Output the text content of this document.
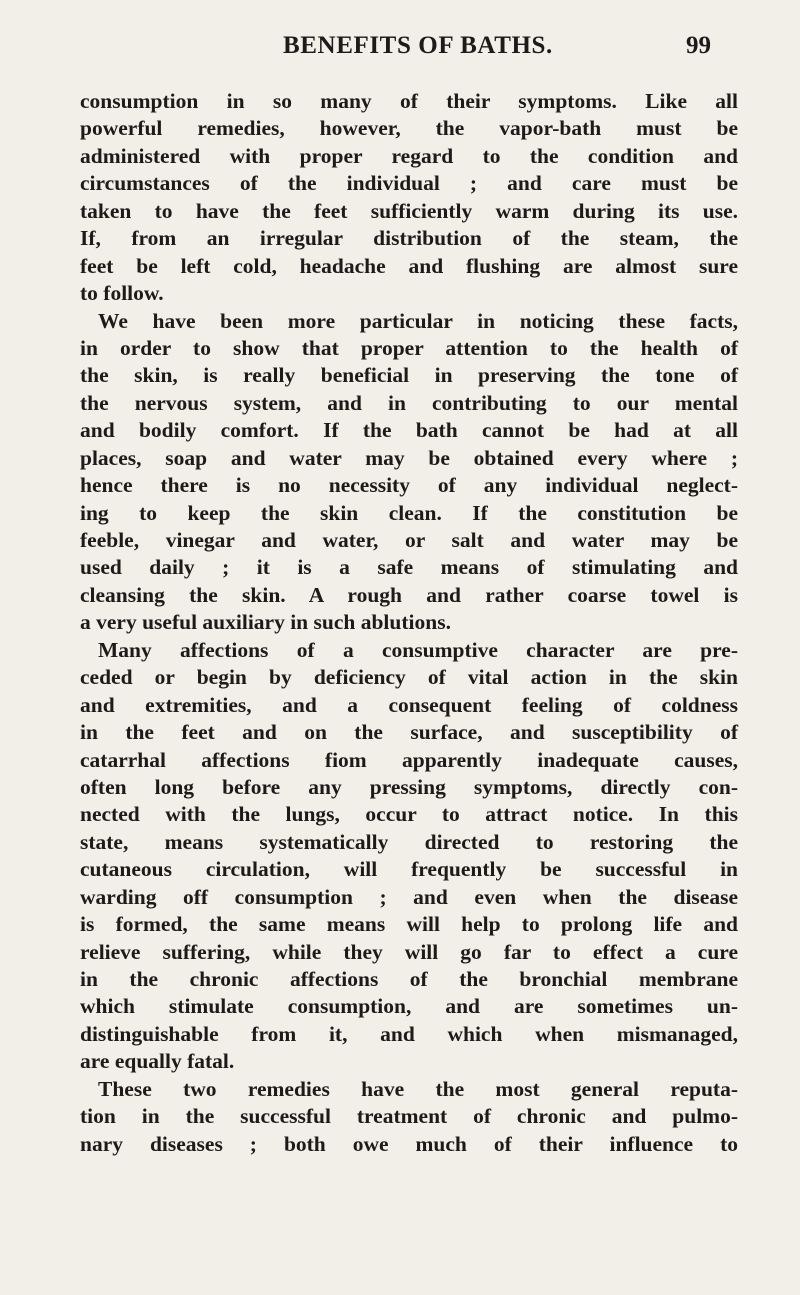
BENEFITS OF BATHS.	99
consumption in so many of their symptoms. Like all
powerful remedies, however, the vapor-bath must be
administered with proper regard to the condition and
circumstances of the individual ; and care must be
taken to have the feet sufficiently warm during its use.
If, from an irregular distribution of the steam, the
feet be left cold, headache and flushing are almost sure
to follow.
We have been more particular in noticing these facts,
in order to show that proper attention to the health of
the skin, is really beneficial in preserving the tone of
the nervous system, and in contributing to our mental
and bodily comfort. If the bath cannot be had at all
places, soap and water may be obtained every where ;
hence there is no necessity of any individual neglect-
ing to keep the skin clean. If the constitution be
feeble, vinegar and water, or salt and water may be
used daily ; it is a safe means of stimulating and
cleansing the skin. A rough and rather coarse towel is
a very useful auxiliary in such ablutions.
Many affections of a consumptive character are pre-
ceded or begin by deficiency of vital action in the skin
and extremities, and a consequent feeling of coldness
in the feet and on the surface, and susceptibility of
catarrhal affections fiom apparently inadequate causes,
often long before any pressing symptoms, directly con-
nected with the lungs, occur to attract notice. In this
state, means systematically directed to restoring the
cutaneous circulation, will frequently be successful in
warding off consumption ; and even when the disease
is formed, the same means will help to prolong life and
relieve suffering, while they will go far to effect a cure
in the chronic affections of the bronchial membrane
which stimulate consumption, and are sometimes un-
distinguishable from it, and which when mismanaged,
are equally fatal.
These two remedies have the most general reputa-
tion in the successful treatment of chronic and pulmo-
nary diseases ; both owe much of their influence to
